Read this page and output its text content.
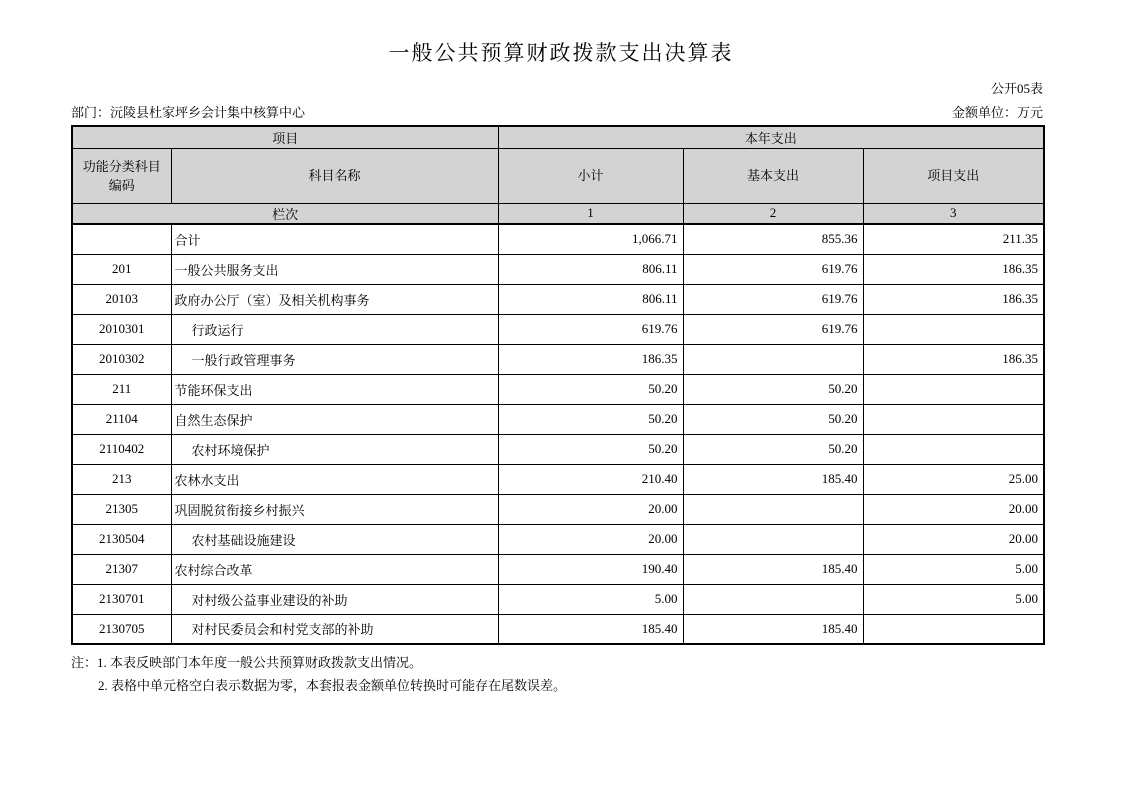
一般公共预算财政拨款支出决算表
公开05表
部门：沅陵县杜家坪乡会计集中核算中心	金额单位：万元
项目		本年支出		
功能分类科目编码	科目名称	小计	基本支出	项目支出
栏次		1	2	3
	合计	1,066.71	855.36	211.35
201	一般公共服务支出	806.11	619.76	186.35
20103	政府办公厅（室）及相关机构事务	806.11	619.76	186.35
2010301	行政运行	619.76	619.76	
2010302	一般行政管理事务	186.35		186.35
211	节能环保支出	50.20	50.20	
21104	自然生态保护	50.20	50.20	
2110402	农村环境保护	50.20	50.20	
213	农林水支出	210.40	185.40	25.00
21305	巩固脱贫衔接乡村振兴	20.00		20.00
2130504	农村基础设施建设	20.00		20.00
21307	农村综合改革	190.40	185.40	5.00
2130701	对村级公益事业建设的补助	5.00		5.00
2130705	对村民委员会和村党支部的补助	185.40	185.40	
注：1. 本表反映部门本年度一般公共预算财政拨款支出情况。
2. 表格中单元格空白表示数据为零，本套报表金额单位转换时可能存在尾数误差。
